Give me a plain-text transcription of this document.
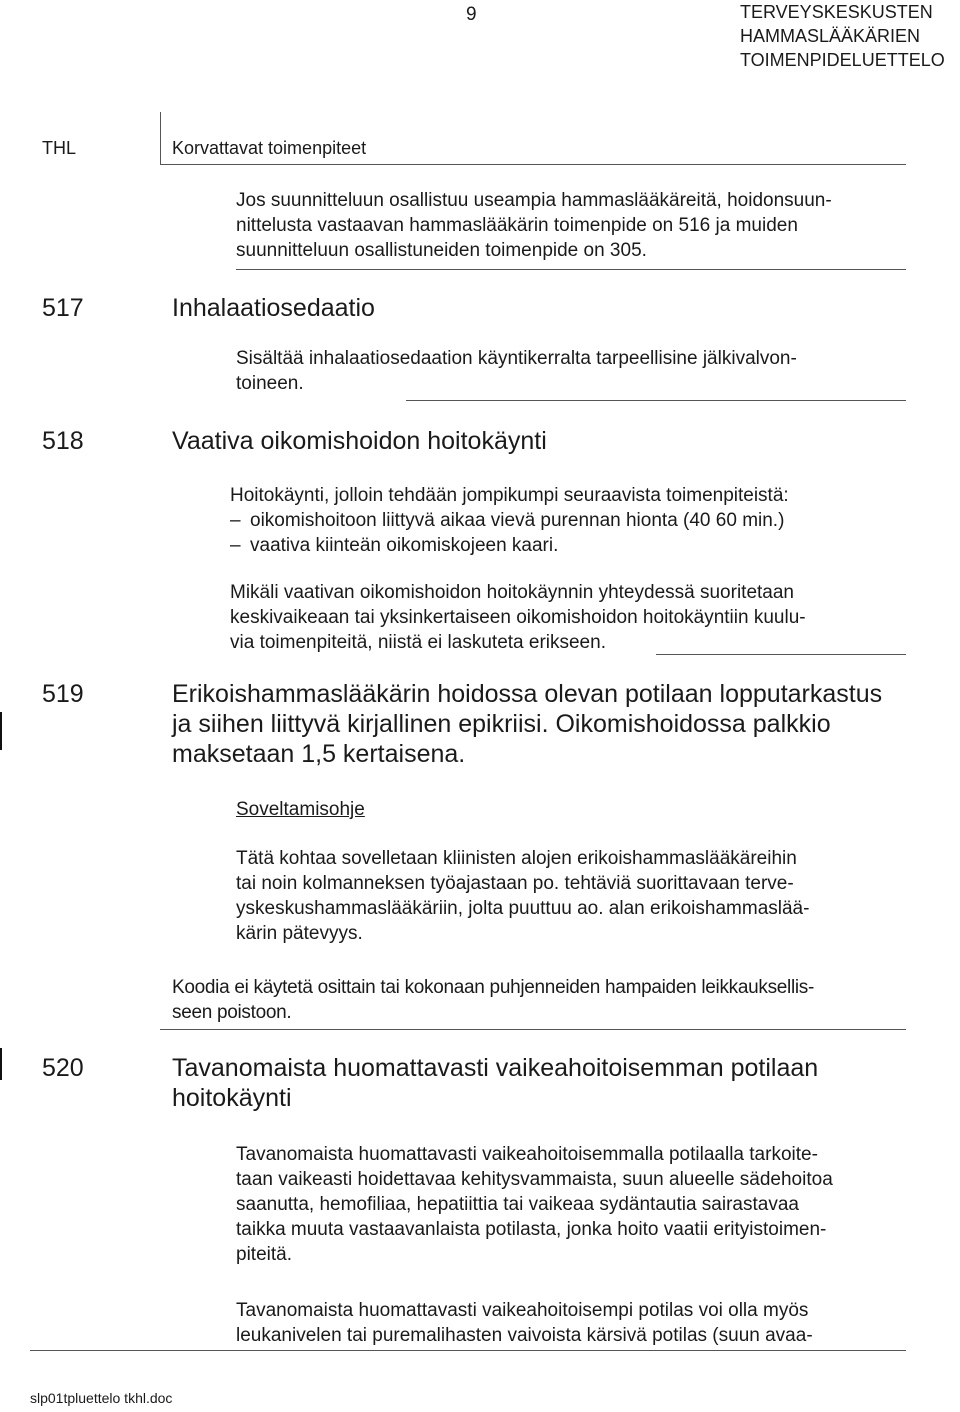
9	TERVEYSKESKUSTEN
HAMMASLÄÄKÄRIEN
TOIMENPIDELUETTELO
THL	Korvattavat toimenpiteet
Jos suunnitteluun osallistuu useampia hammaslääkäreitä, hoidonsuun-
nittelusta vastaavan hammaslääkärin toimenpide on 516 ja muiden
suunnitteluun osallistuneiden toimenpide on 305.
517	Inhalaatiosedaatio
Sisältää inhalaatiosedaation käyntikerralta tarpeellisine jälkivalvon-
toineen.
518	Vaativa oikomishoidon hoitokäynti
Hoitokäynti, jolloin tehdään jompikumpi seuraavista toimenpiteistä:
– oikomishoitoon liittyvä aikaa vievä purennan hionta (40 60 min.)
– vaativa kiinteän oikomiskojeen kaari.
Mikäli vaativan oikomishoidon hoitokäynnin yhteydessä suoritetaan
keskivaikeaan tai yksinkertaiseen oikomishoidon hoitokäyntiin kuulu-
via toimenpiteitä, niistä ei laskuteta erikseen.
519	Erikoishammaslääkärin hoidossa olevan potilaan lopputarkastus
ja siihen liittyvä kirjallinen epikriisi. Oikomishoidossa palkkio
maksetaan 1,5 kertaisena.
Soveltamisohje
Tätä kohtaa sovelletaan kliinisten alojen erikoishammaslääkäreihin
tai noin kolmanneksen työajastaan po. tehtäviä suorittavaan terve-
yskeskushammaslääkäriin, jolta puuttuu ao. alan erikoishammaslää-
kärin pätevyys.
Koodia ei käytetä osittain tai kokonaan puhjenneiden hampaiden leikkauksellis-
seen poistoon.
520	Tavanomaista huomattavasti vaikeahoitoisemman potilaan
hoitokäynti
Tavanomaista huomattavasti vaikeahoitoisemmalla potilaalla tarkoite-
taan vaikeasti hoidettavaa kehitysvammaista, suun alueelle sädehoitoa
saanutta, hemofiliaa, hepatiittia tai vaikeaa sydäntautia sairastavaa
taikka muuta vastaavanlaista potilasta, jonka hoito vaatii erityistoimen-
piteitä.
Tavanomaista huomattavasti vaikeahoitoisempi potilas voi olla myös
leukanivelen tai puremalihasten vaivoista kärsivä potilas (suun avaa-
slp01tpluettelo tkhl.doc
